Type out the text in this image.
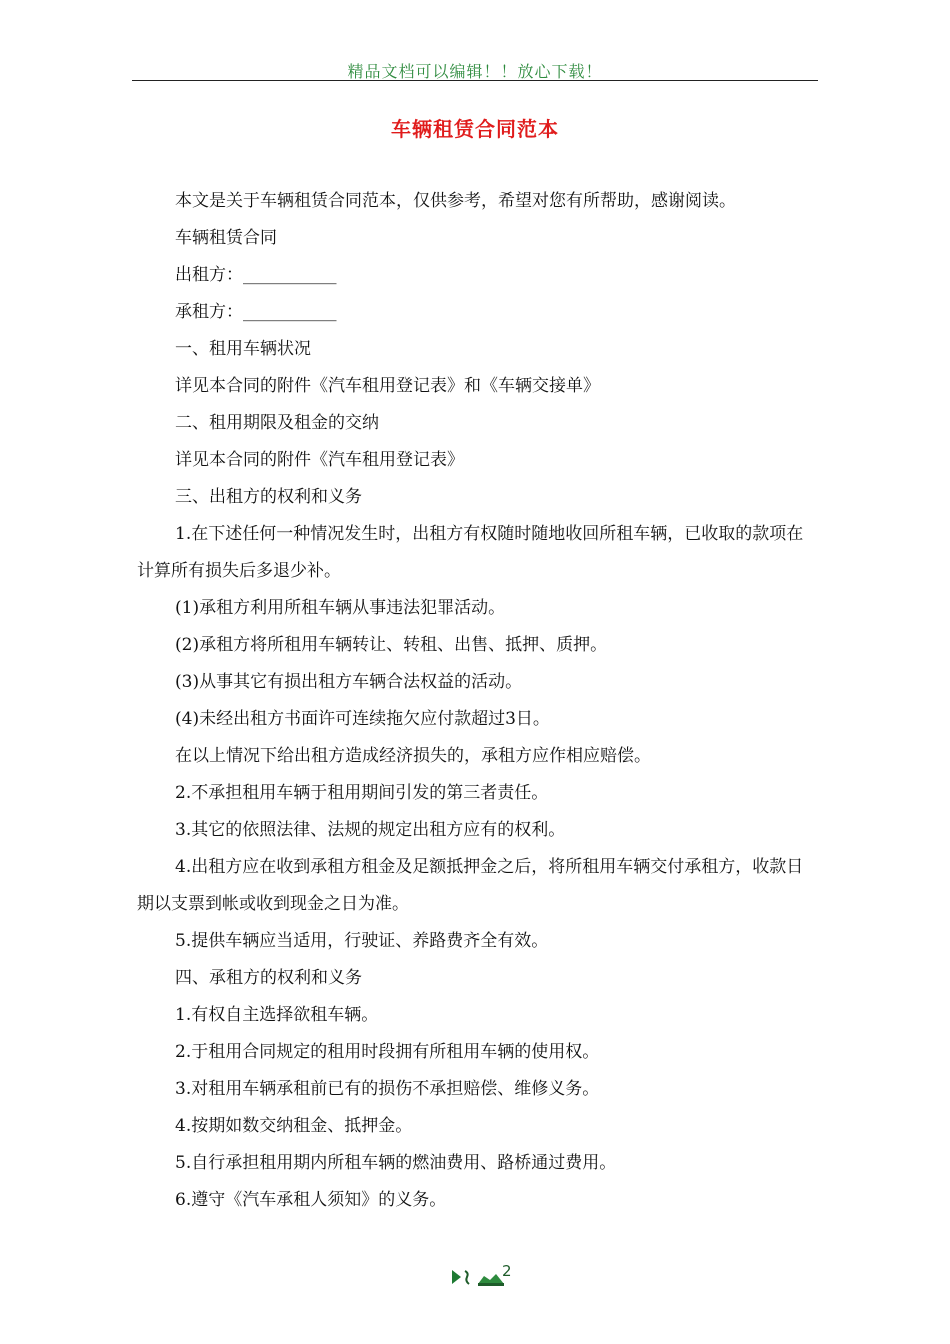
精品文档可以编辑！！放心下载！
车辆租赁合同范本

本文是关于车辆租赁合同范本，仅供参考，希望对您有所帮助，感谢阅读。

车辆租赁合同

出租方：___________

承租方：___________

一、租用车辆状况

详见本合同的附件《汽车租用登记表》和《车辆交接单》

二、租用期限及租金的交纳

详见本合同的附件《汽车租用登记表》

三、出租方的权利和义务

1.在下述任何一种情况发生时，出租方有权随时随地收回所租车辆，已收取的款项在计算所有损失后多退少补。

(1)承租方利用所租车辆从事违法犯罪活动。

(2)承租方将所租用车辆转让、转租、出售、抵押、质押。

(3)从事其它有损出租方车辆合法权益的活动。

(4)未经出租方书面许可连续拖欠应付款超过3日。

在以上情况下给出租方造成经济损失的，承租方应作相应赔偿。

2.不承担租用车辆于租用期间引发的第三者责任。

3.其它的依照法律、法规的规定出租方应有的权利。

4.出租方应在收到承租方租金及足额抵押金之后，将所租用车辆交付承租方，收款日期以支票到帐或收到现金之日为准。

5.提供车辆应当适用，行驶证、养路费齐全有效。

四、承租方的权利和义务

1.有权自主选择欲租车辆。

2.于租用合同规定的租用时段拥有所租用车辆的使用权。

3.对租用车辆承租前已有的损伤不承担赔偿、维修义务。

4.按期如数交纳租金、抵押金。

5.自行承担租用期内所租车辆的燃油费用、路桥通过费用。

6.遵守《汽车承租人须知》的义务。

2
